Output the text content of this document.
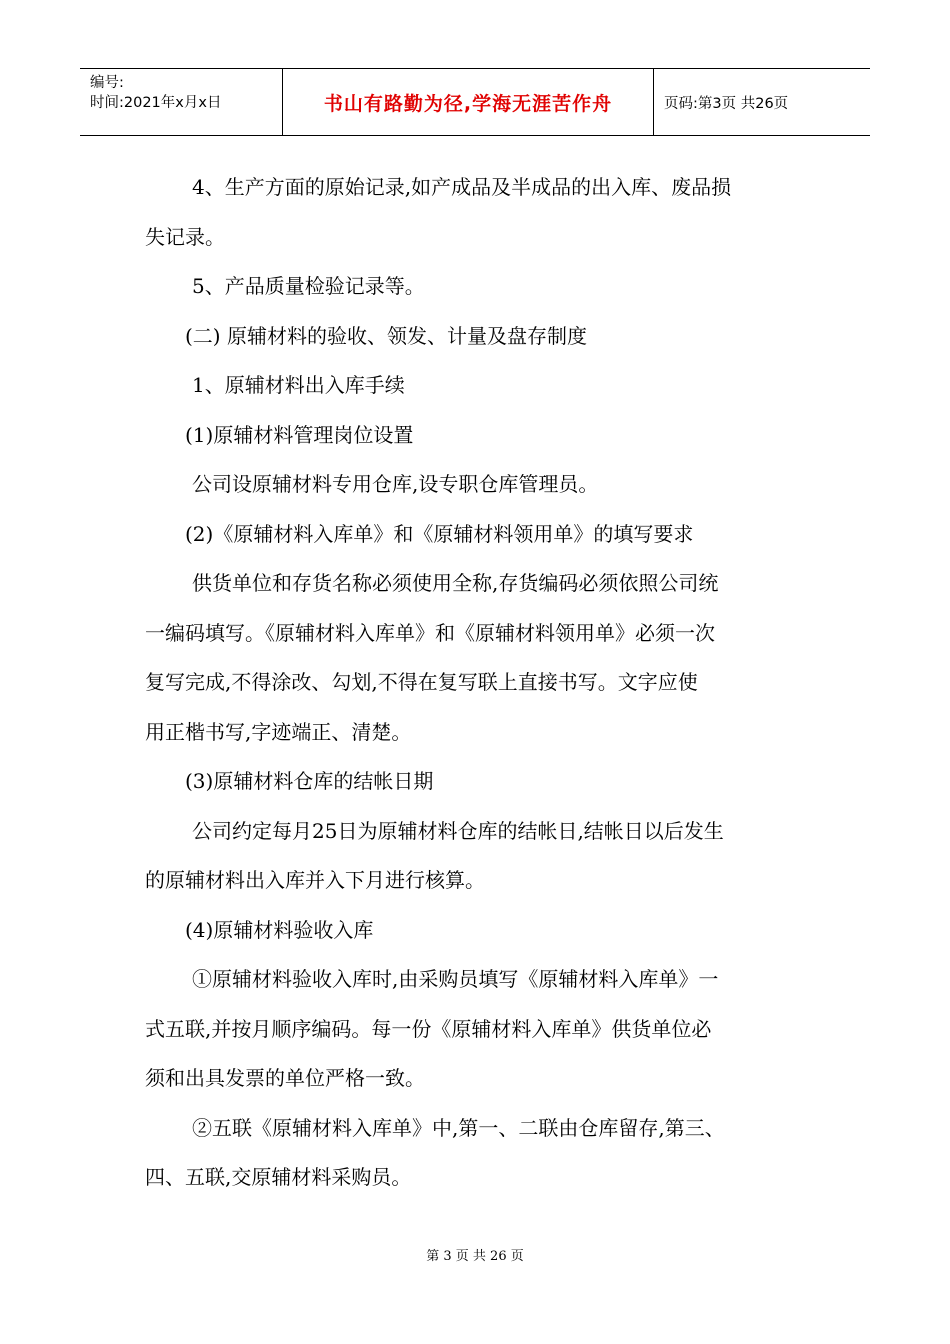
编号:
时间:2021年x月x日	书山有路勤为径,学海无涯苦作舟	页码:第3页 共26页

4、生产方面的原始记录,如产成品及半成品的出入库、废品损

失记录。

5、产品质量检验记录等。

(二) 原辅材料的验收、领发、计量及盘存制度

1、原辅材料出入库手续

(1)原辅材料管理岗位设置

公司设原辅材料专用仓库,设专职仓库管理员。

(2)《原辅材料入库单》和《原辅材料领用单》的填写要求

供货单位和存货名称必须使用全称,存货编码必须依照公司统

一编码填写。《原辅材料入库单》和《原辅材料领用单》必须一次

复写完成,不得涂改、勾划,不得在复写联上直接书写。文字应使

用正楷书写,字迹端正、清楚。

(3)原辅材料仓库的结帐日期

公司约定每月25日为原辅材料仓库的结帐日,结帐日以后发生

的原辅材料出入库并入下月进行核算。

(4)原辅材料验收入库

①原辅材料验收入库时,由采购员填写《原辅材料入库单》一

式五联,并按月顺序编码。每一份《原辅材料入库单》供货单位必

须和出具发票的单位严格一致。

②五联《原辅材料入库单》中,第一、二联由仓库留存,第三、

四、五联,交原辅材料采购员。

第 3 页 共 26 页
